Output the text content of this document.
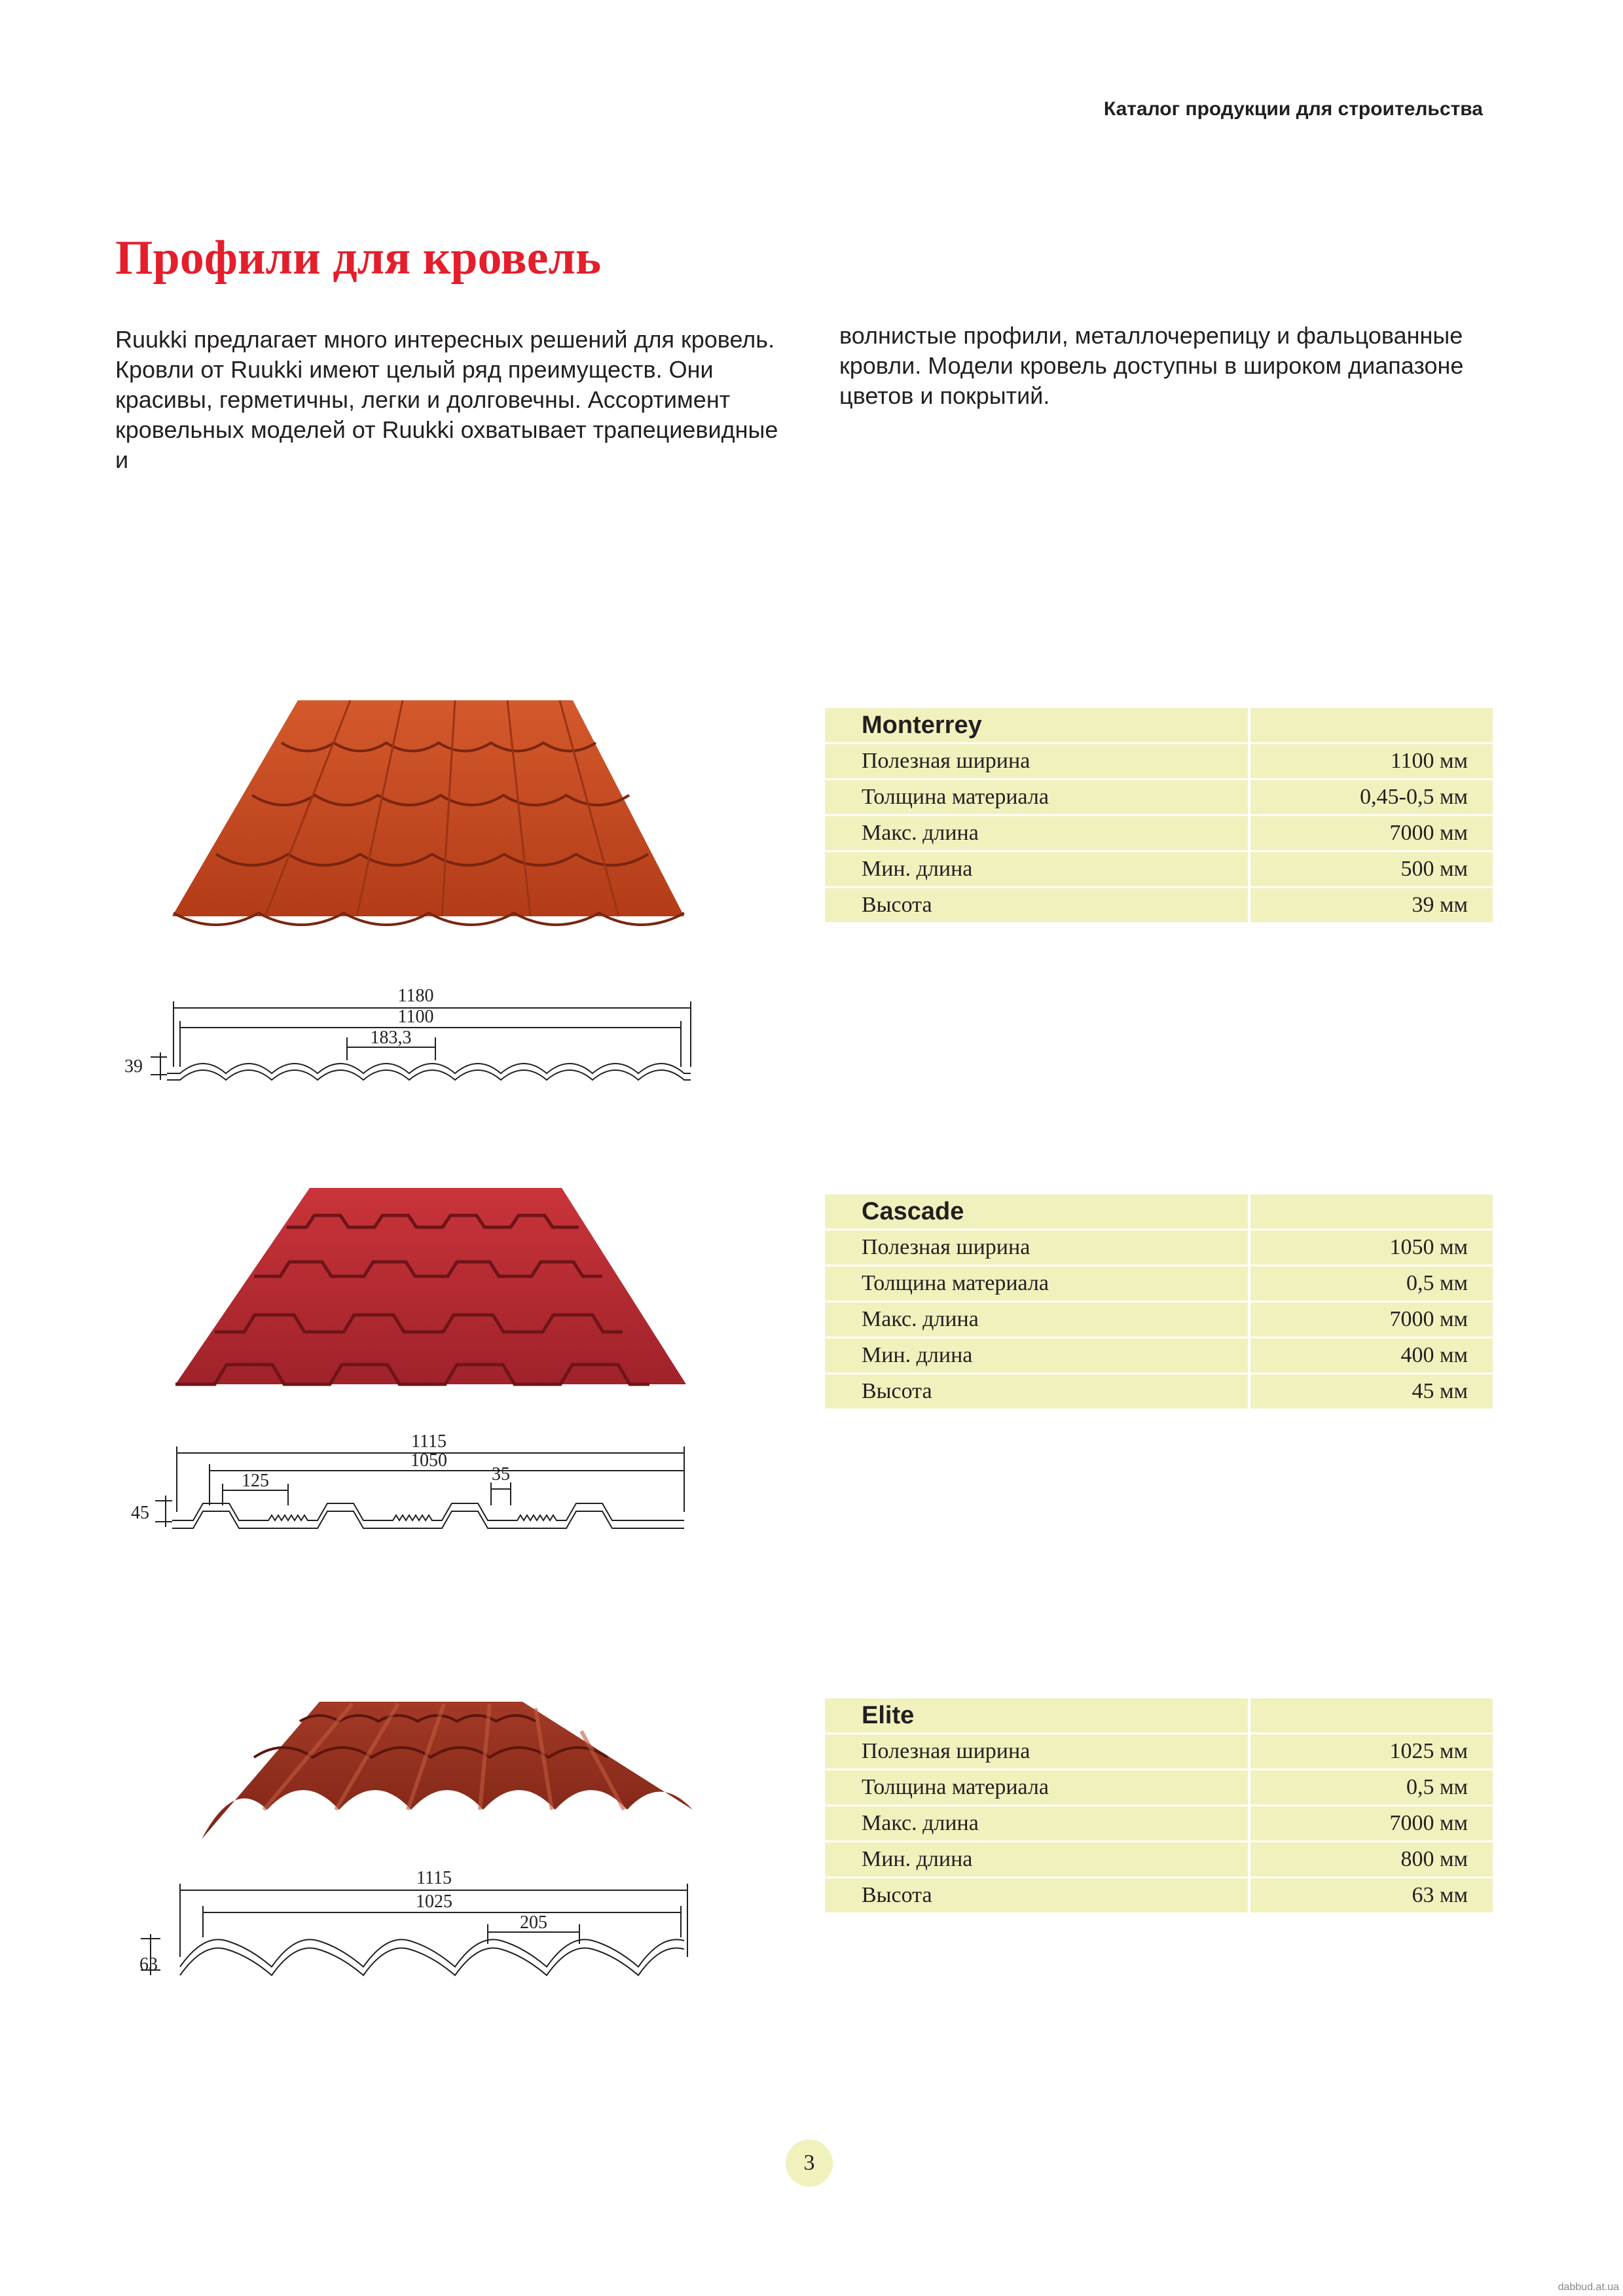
Каталог продукции для строительства
Профили для кровель

Ruukki предлагает много интересных решений для кровель. Кровли от Ruukki имеют целый ряд преимуществ. Они красивы, герметичны, легки и долговечны. Ассортимент кровельных моделей от Ruukki охватывает трапециевидные и

волнистые профили, металлочерепицу и фальцованные кровли. Модели кровель доступны в широком диапазоне цветов и покрытий.

1180
1100
183,3
39
Monterrey	
Полезная ширина	1100 мм
Толщина материала	0,45-0,5 мм
Макс. длина	7000 мм
Мин. длина	500 мм
Высота	39 мм
1115
1050
125	35
45
Cascade	
Полезная ширина	1050 мм
Толщина материала	0,5 мм
Макс. длина	7000 мм
Мин. длина	400 мм
Высота	45 мм
1115
1025
205
63
Elite	
Полезная ширина	1025 мм
Толщина материала	0,5 мм
Макс. длина	7000 мм
Мин. длина	800 мм
Высота	63 мм
3
dabbud.at.ua
